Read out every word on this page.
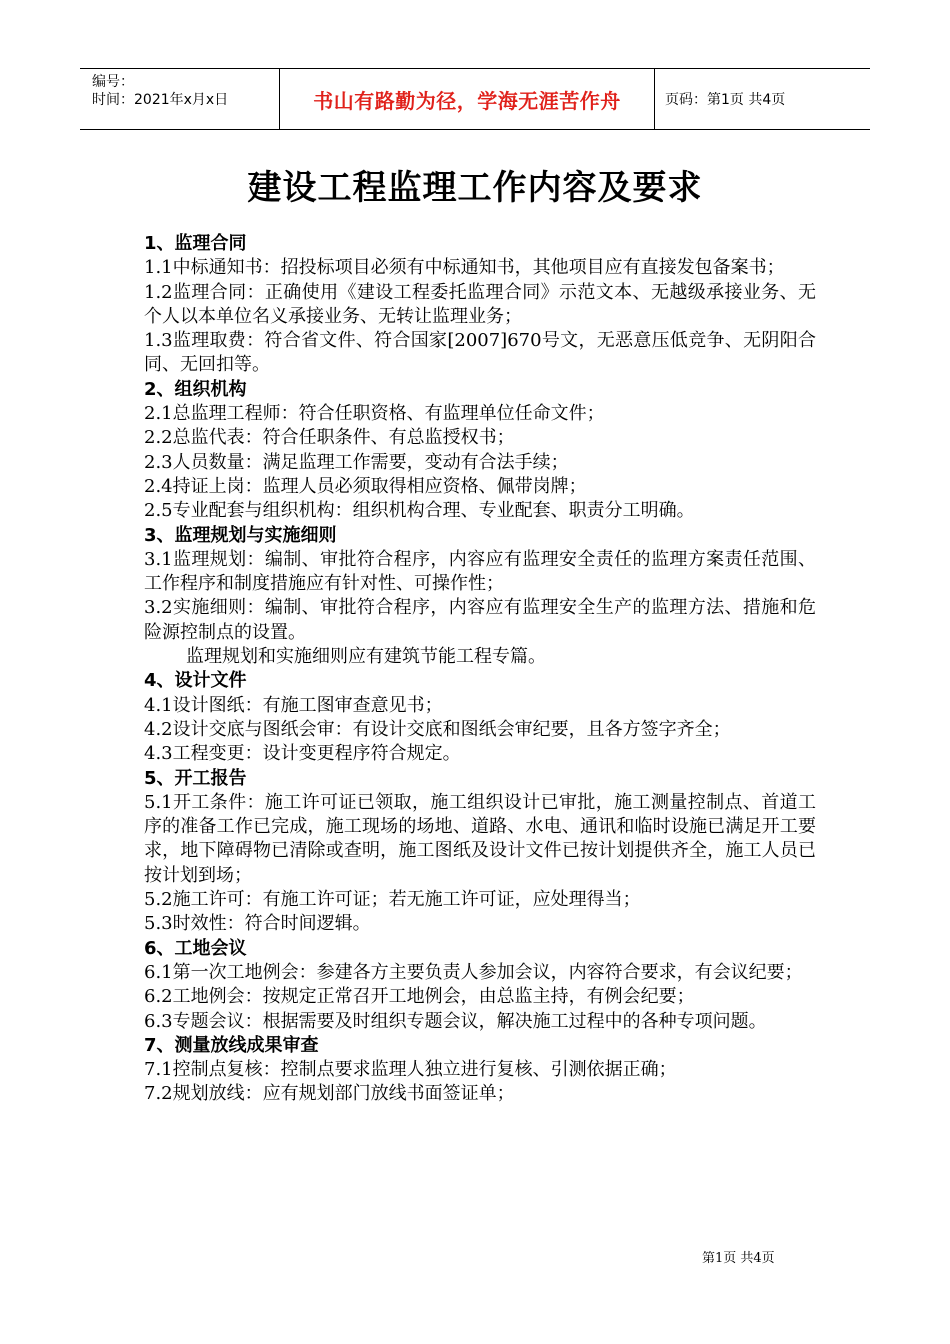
编号：
时间：2021年x月x日	书山有路勤为径，学海无涯苦作舟	页码：第1页 共4页
建设工程监理工作内容及要求

1、监理合同

1.1中标通知书：招投标项目必须有中标通知书，其他项目应有直接发包备案书；

1.2监理合同：正确使用《建设工程委托监理合同》示范文本、无越级承接业务、无个人以本单位名义承接业务、无转让监理业务；

1.3监理取费：符合省文件、符合国家[2007]670号文，无恶意压低竞争、无阴阳合同、无回扣等。

2、组织机构

2.1总监理工程师：符合任职资格、有监理单位任命文件；

2.2总监代表：符合任职条件、有总监授权书；

2.3人员数量：满足监理工作需要，变动有合法手续；

2.4持证上岗：监理人员必须取得相应资格、佩带岗牌；

2.5专业配套与组织机构：组织机构合理、专业配套、职责分工明确。

3、监理规划与实施细则

3.1监理规划：编制、审批符合程序，内容应有监理安全责任的监理方案责任范围、工作程序和制度措施应有针对性、可操作性；

3.2实施细则：编制、审批符合程序，内容应有监理安全生产的监理方法、措施和危险源控制点的设置。

监理规划和实施细则应有建筑节能工程专篇。

4、设计文件

4.1设计图纸：有施工图审查意见书；

4.2设计交底与图纸会审：有设计交底和图纸会审纪要，且各方签字齐全；

4.3工程变更：设计变更程序符合规定。

5、开工报告

5.1开工条件：施工许可证已领取，施工组织设计已审批，施工测量控制点、首道工序的准备工作已完成，施工现场的场地、道路、水电、通讯和临时设施已满足开工要求，地下障碍物已清除或查明，施工图纸及设计文件已按计划提供齐全，施工人员已按计划到场；

5.2施工许可：有施工许可证；若无施工许可证，应处理得当；

5.3时效性：符合时间逻辑。

6、工地会议

6.1第一次工地例会：参建各方主要负责人参加会议，内容符合要求，有会议纪要；

6.2工地例会：按规定正常召开工地例会，由总监主持，有例会纪要；

6.3专题会议：根据需要及时组织专题会议，解决施工过程中的各种专项问题。

7、测量放线成果审查

7.1控制点复核：控制点要求监理人独立进行复核、引测依据正确；

7.2规划放线：应有规划部门放线书面签证单；

第1页 共4页
